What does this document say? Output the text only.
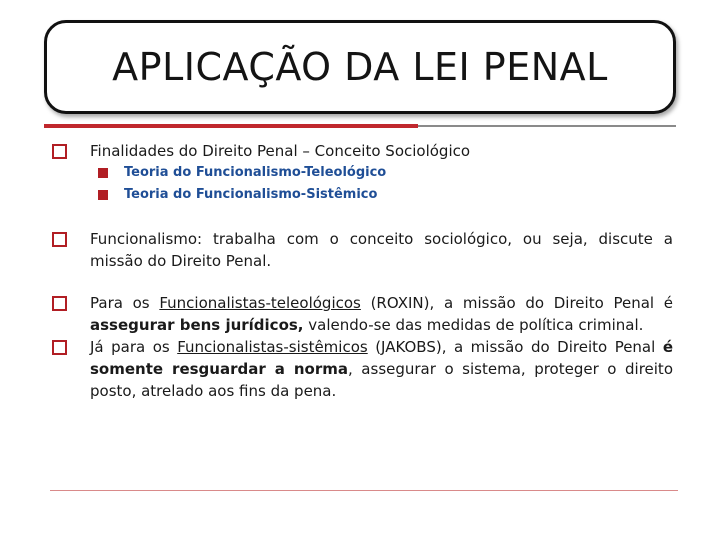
APLICAÇÃO DA LEI PENAL
Finalidades do Direito Penal – Conceito Sociológico
Teoria do Funcionalismo-Teleológico
Teoria do Funcionalismo-Sistêmico
Funcionalismo: trabalha com o conceito sociológico, ou seja, discute a missão do Direito Penal.
Para os Funcionalistas-teleológicos (ROXIN), a missão do Direito Penal é assegurar bens jurídicos, valendo-se das medidas de política criminal.
Já para os Funcionalistas-sistêmicos (JAKOBS), a missão do Direito Penal é somente resguardar a norma, assegurar o sistema, proteger o direito posto, atrelado aos fins da pena.
